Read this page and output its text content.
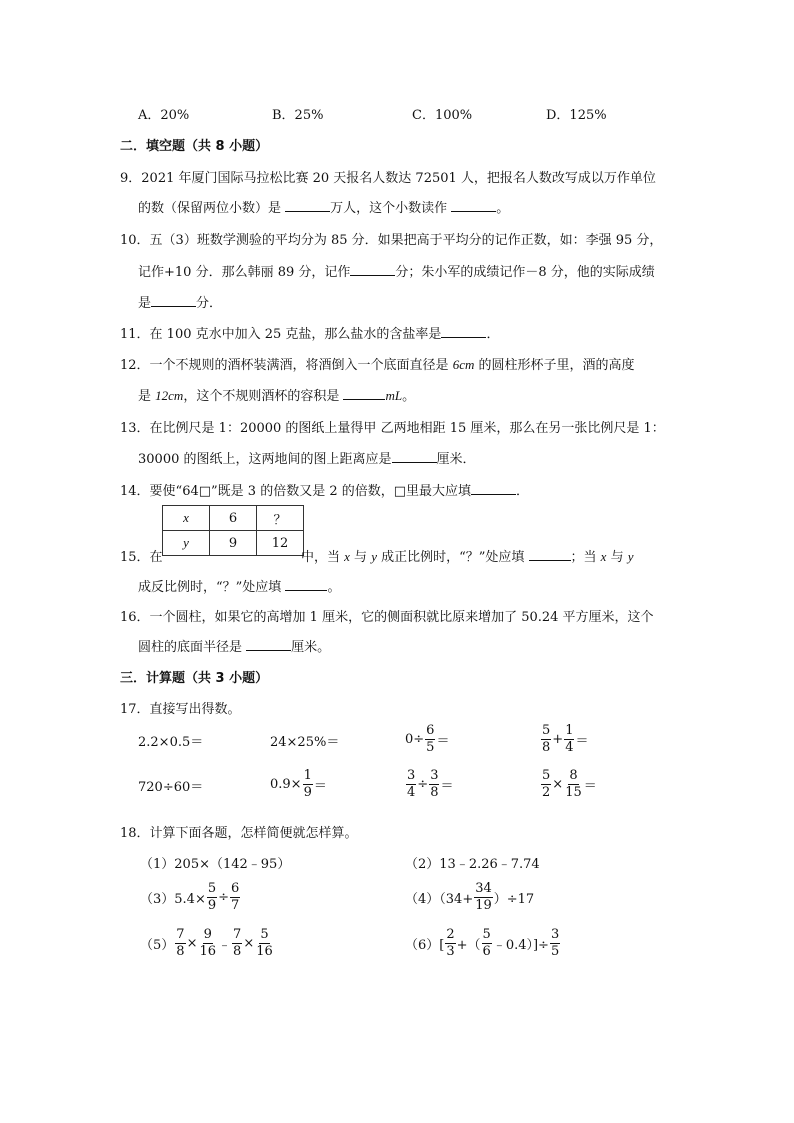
A．20%	B．25%	C．100%	D．125%
二．填空题（共 8 小题）
9．2021 年厦门国际马拉松比赛 20 天报名人数达 72501 人，把报名人数改写成以万作单位
的数（保留两位小数）是	万人，这个小数读作	。
10．五（3）班数学测验的平均分为 85 分．如果把高于平均分的记作正数，如：李强 95 分，
记作+10 分．那么韩丽 89 分，记作	分；朱小军的成绩记作－8 分，他的实际成绩
是	分．
11．在 100 克水中加入 25 克盐，那么盐水的含盐率是	．
12．一个不规则的酒杯装满酒，将酒倒入一个底面直径是 6cm 的圆柱形杯子里，酒的高度
是 12cm，这个不规则酒杯的容积是	mL。
13．在比例尺是 1：20000 的图纸上量得甲 乙两地相距 15 厘米，那么在另一张比例尺是 1：
30000 的图纸上，这两地间的图上距离应是	厘米．
14．要使“64□”既是 3 的倍数又是 2 的倍数，□里最大应填	．
x	6	？
y	9	12
15．在	中，当 x 与 y 成正比例时，“？”处应填	；当 x 与 y
成反比例时，“？”处应填	。
16．一个圆柱，如果它的高增加 1 厘米，它的侧面积就比原来增加了 50.24 平方厘米，这个
圆柱的底面半径是	厘米。
三．计算题（共 3 小题）
17．直接写出得数。
2.2×0.5＝	24×25%＝	$0\div \frac{6}{5}$ ＝	$\frac{5}{8} + \frac{1}{4}$ ＝
720÷60＝	$0.9\times \frac{1}{9}$ ＝	$\frac{3}{4} \div \frac{3}{8}$ ＝	$\frac{5}{2} \times \frac{8}{15}$ ＝
18．计算下面各题，怎样简便就怎样算。
（1）205×（142﹣95）	（2）13﹣2.26﹣7.74
$(3)5.4\times \frac{5}{9} \div \frac{6}{7}$	$(4)(34+ \frac{34}{19} )\div 17$
$(5) \frac{7}{8} \times \frac{9}{16}$ ﹣ $\frac{7}{8} \times \frac{5}{16}$	$(6)[ \frac{2}{3}$ +（ $\frac{5}{6}$ ﹣0.4）]÷ $\frac{3}{5}$
